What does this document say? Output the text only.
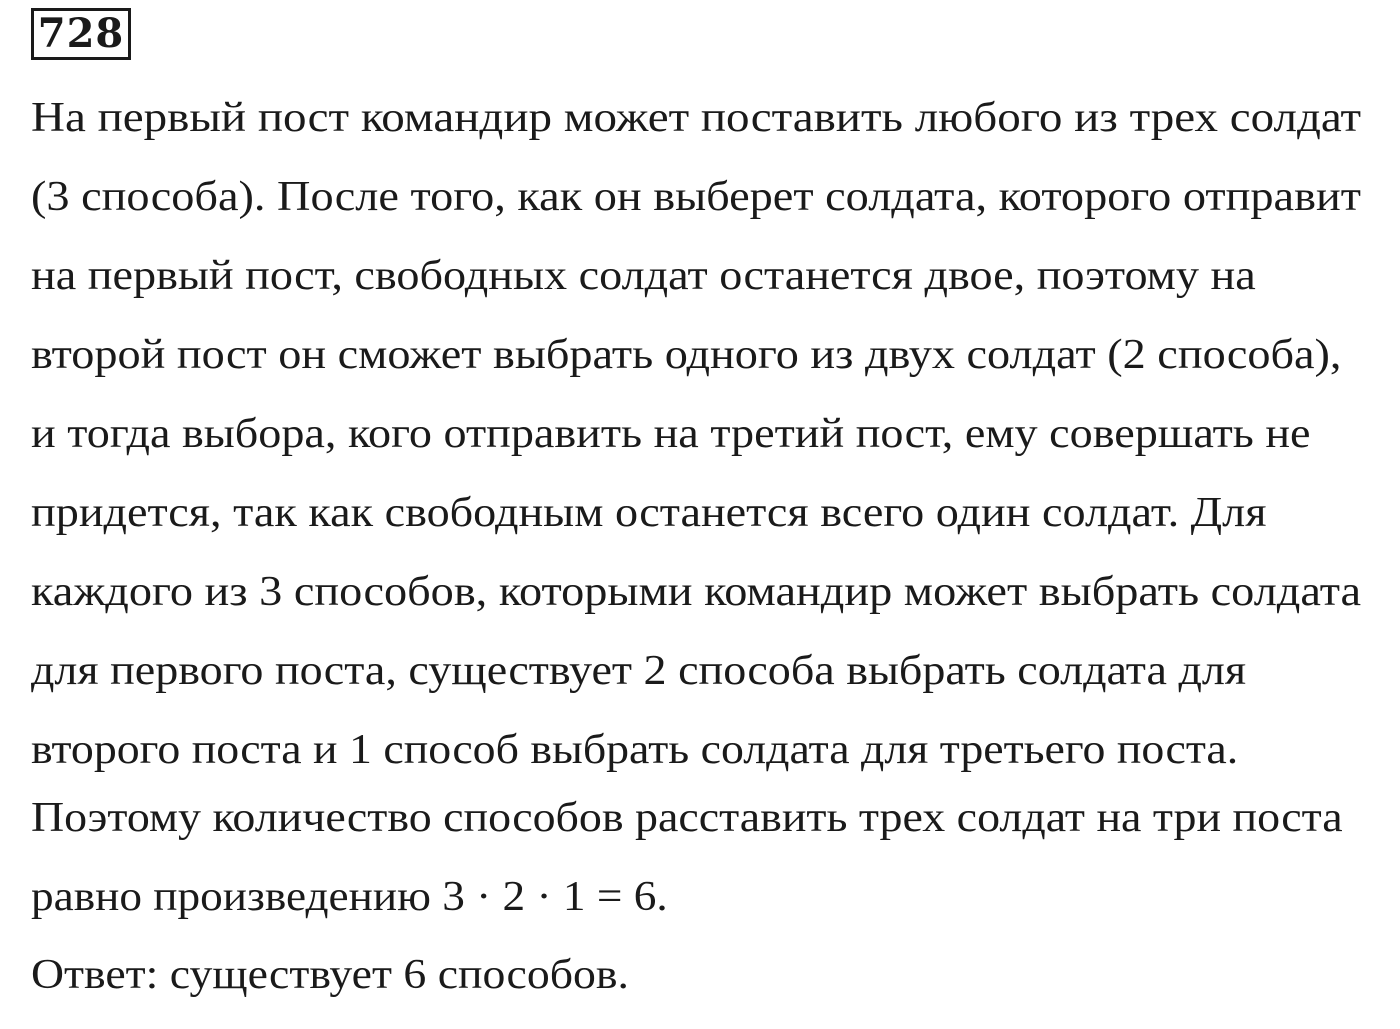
728
На первый пост командир может поставить любого из трех солдат
(3 способа). После того, как он выберет солдата, которого отправит
на первый пост, свободных солдат останется двое, поэтому на
второй пост он сможет выбрать одного из двух солдат (2 способа),
и тогда выбора, кого отправить на третий пост, ему совершать не
придется, так как свободным останется всего один солдат. Для
каждого из 3 способов, которыми командир может выбрать солдата
для первого поста, существует 2 способа выбрать солдата для
второго поста и 1 способ выбрать солдата для третьего поста.
Поэтому количество способов расставить трех солдат на три поста
равно произведению 3 · 2 · 1 = 6.
Ответ: существует 6 способов.
